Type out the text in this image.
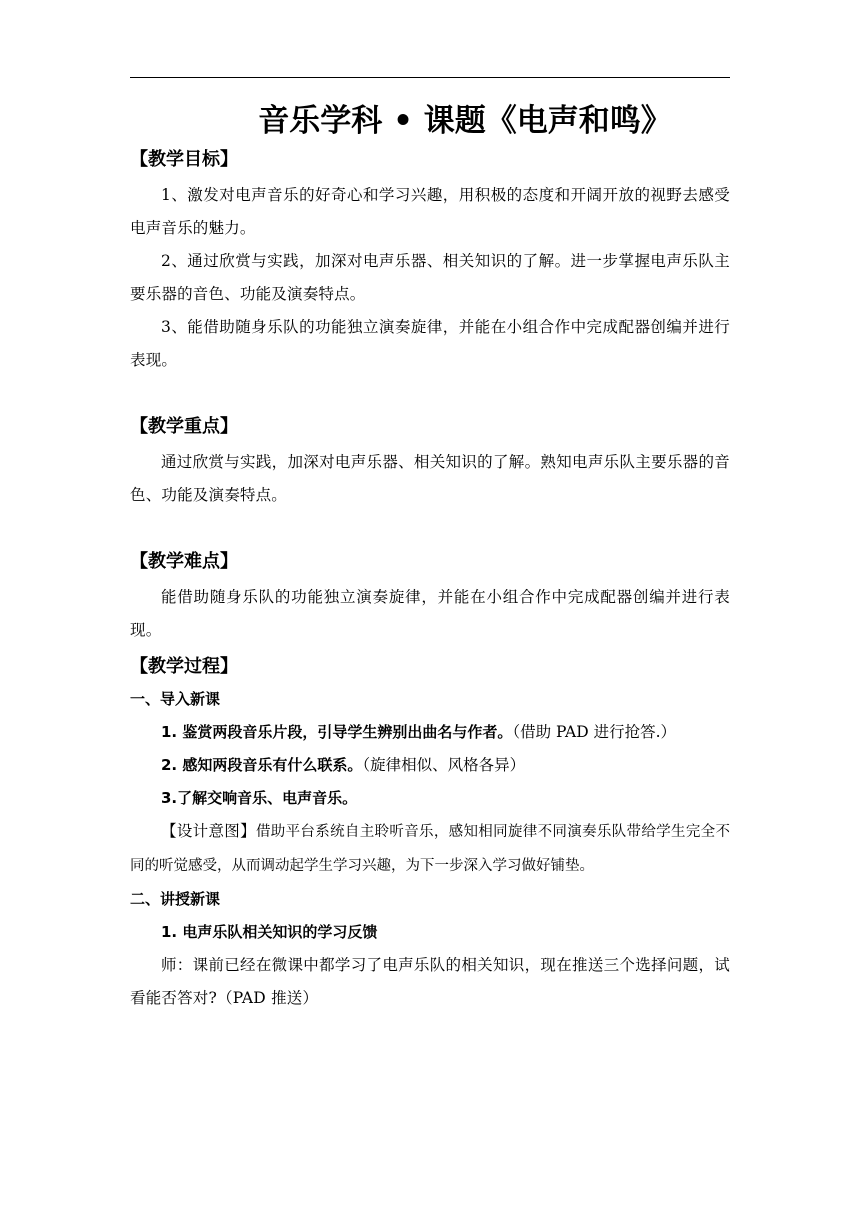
音乐学科 • 课题《电声和鸣》
【教学目标】

1、激发对电声音乐的好奇心和学习兴趣，用积极的态度和开阔开放的视野去感受电声音乐的魅力。

2、通过欣赏与实践，加深对电声乐器、相关知识的了解。进一步掌握电声乐队主要乐器的音色、功能及演奏特点。

3、能借助随身乐队的功能独立演奏旋律，并能在小组合作中完成配器创编并进行表现。

【教学重点】

通过欣赏与实践，加深对电声乐器、相关知识的了解。熟知电声乐队主要乐器的音色、功能及演奏特点。

【教学难点】

能借助随身乐队的功能独立演奏旋律，并能在小组合作中完成配器创编并进行表现。

【教学过程】

一、导入新课

1. 鉴赏两段音乐片段，引导学生辨别出曲名与作者。（借助 PAD 进行抢答.）

2. 感知两段音乐有什么联系。（旋律相似、风格各异）

3.了解交响音乐、电声音乐。

【设计意图】借助平台系统自主聆听音乐，感知相同旋律不同演奏乐队带给学生完全不同的听觉感受，从而调动起学生学习兴趣，为下一步深入学习做好铺垫。

二、讲授新课

1. 电声乐队相关知识的学习反馈

师：课前已经在微课中都学习了电声乐队的相关知识，现在推送三个选择问题，试看能否答对?（PAD 推送）
